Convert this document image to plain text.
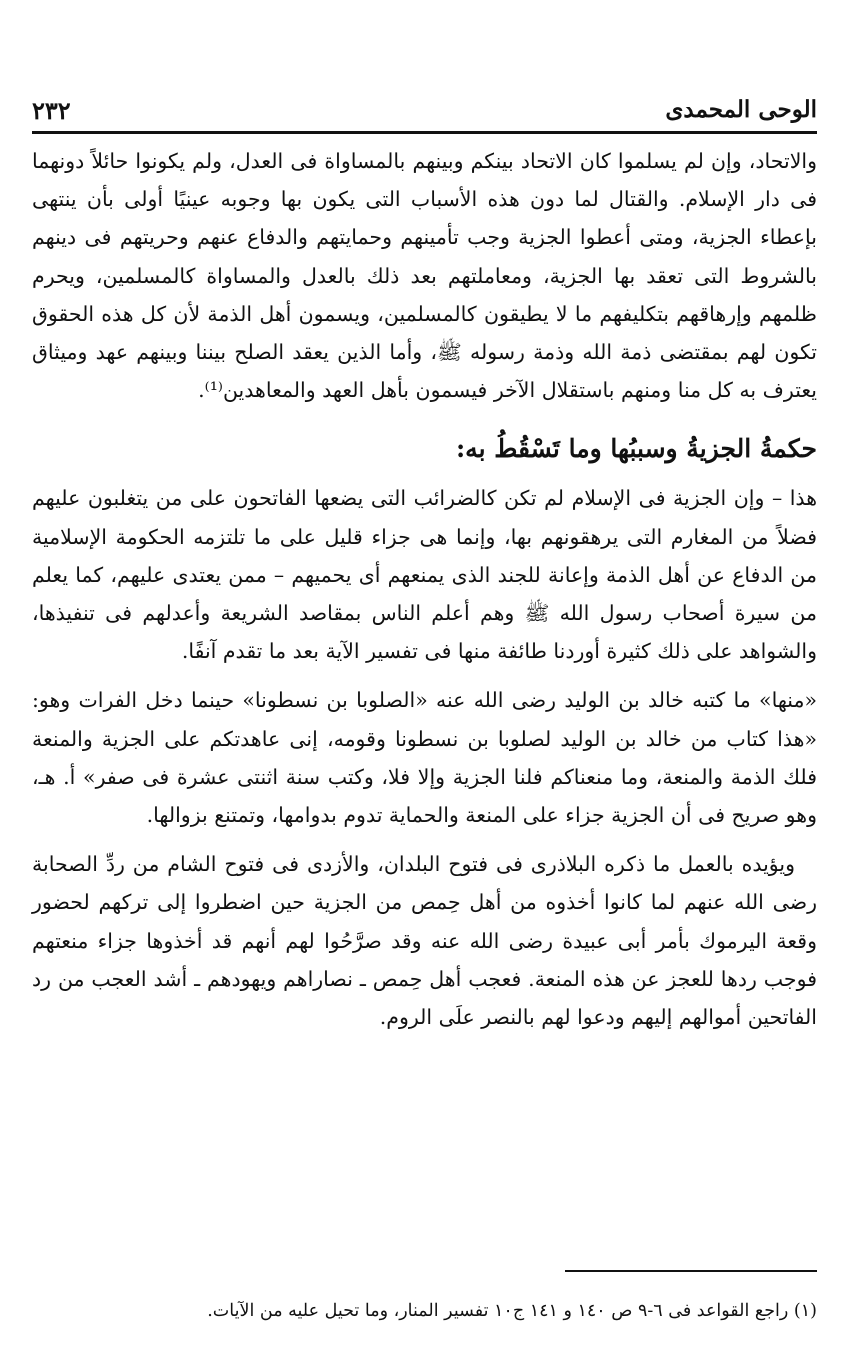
الوحى المحمدى
٢٣٢

والاتحاد، وإن لم يسلموا كان الاتحاد بينكم وبينهم بالمساواة فى العدل، ولم يكونوا حائلاً دونهما فى دار الإسلام. والقتال لما دون هذه الأسباب التى يكون بها وجوبه عينيًا أولى بأن ينتهى بإعطاء الجزية، ومتى أعطوا الجزية وجب تأمينهم وحمايتهم والدفاع عنهم وحريتهم فى دينهم بالشروط التى تعقد بها الجزية، ومعاملتهم بعد ذلك بالعدل والمساواة كالمسلمين، ويحرم ظلمهم وإرهاقهم بتكليفهم ما لا يطيقون كالمسلمين، ويسمون أهل الذمة لأن كل هذه الحقوق تكون لهم بمقتضى ذمة الله وذمة رسوله ﷺ، وأما الذين يعقد الصلح بيننا وبينهم عهد وميثاق يعترف به كل منا ومنهم باستقلال الآخر فيسمون بأهل العهد والمعاهدين⁽¹⁾.

حكمةُ الجزيةُ وسببُها وما تَسْقُطُ به:

هذا – وإن الجزية فى الإسلام لم تكن كالضرائب التى يضعها الفاتحون على من يتغلبون عليهم فضلاً من المغارم التى يرهقونهم بها، وإنما هى جزاء قليل على ما تلتزمه الحكومة الإسلامية من الدفاع عن أهل الذمة وإعانة للجند الذى يمنعهم أى يحميهم – ممن يعتدى عليهم، كما يعلم من سيرة أصحاب رسول الله ﷺ وهم أعلم الناس بمقاصد الشريعة وأعدلهم فى تنفيذها، والشواهد على ذلك كثيرة أوردنا طائفة منها فى تفسير الآية بعد ما تقدم آنفًا.

«منها» ما كتبه خالد بن الوليد رضى الله عنه «الصلوبا بن نسطونا» حينما دخل الفرات وهو: «هذا كتاب من خالد بن الوليد لصلوبا بن نسطونا وقومه، إنى عاهدتكم على الجزية والمنعة فلك الذمة والمنعة، وما منعناكم فلنا الجزية وإلا فلا، وكتب سنة اثنتى عشرة فى صفر» أ. هـ، وهو صريح فى أن الجزية جزاء على المنعة والحماية تدوم بدوامها، وتمتنع بزوالها.

ويؤيده بالعمل ما ذكره البلاذرى فى فتوح البلدان، والأزدى فى فتوح الشام من ردِّ الصحابة رضى الله عنهم لما كانوا أخذوه من أهل حِمص من الجزية حين اضطروا إلى تركهم لحضور وقعة اليرموك بأمر أبى عبيدة رضى الله عنه وقد صرَّحُوا لهم أنهم قد أخذوها جزاء منعتهم فوجب ردها للعجز عن هذه المنعة. فعجب أهل حِمص ـ نصاراهم ويهودهم ـ أشد العجب من رد الفاتحين أموالهم إليهم ودعوا لهم بالنصر علَى الروم.

(١) راجع القواعد فى ٦-٩ ص ١٤٠ و ١٤١ ج١٠ تفسير المنار، وما تحيل عليه من الآيات.
